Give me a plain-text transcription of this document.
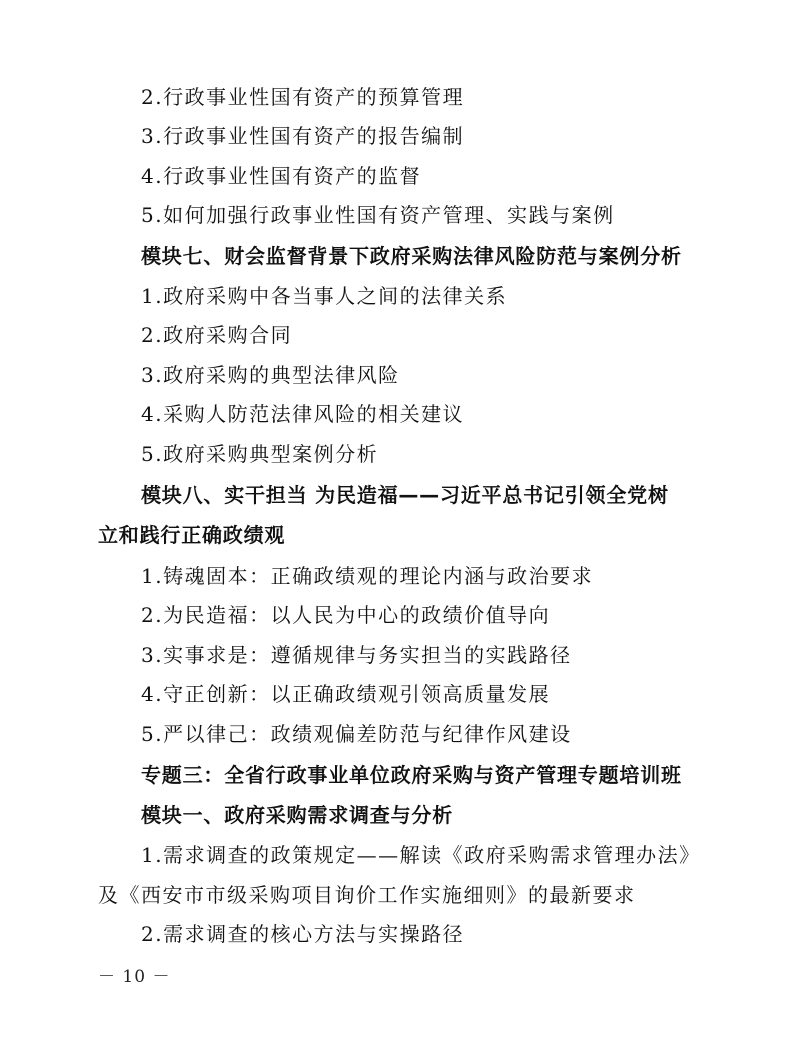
2.行政事业性国有资产的预算管理
3.行政事业性国有资产的报告编制
4.行政事业性国有资产的监督
5.如何加强行政事业性国有资产管理、实践与案例
模块七、财会监督背景下政府采购法律风险防范与案例分析
1.政府采购中各当事人之间的法律关系
2.政府采购合同
3.政府采购的典型法律风险
4.采购人防范法律风险的相关建议
5.政府采购典型案例分析
模块八、实干担当 为民造福——习近平总书记引领全党树
立和践行正确政绩观
1.铸魂固本：正确政绩观的理论内涵与政治要求
2.为民造福：以人民为中心的政绩价值导向
3.实事求是：遵循规律与务实担当的实践路径
4.守正创新：以正确政绩观引领高质量发展
5.严以律己：政绩观偏差防范与纪律作风建设
专题三：全省行政事业单位政府采购与资产管理专题培训班
模块一、政府采购需求调查与分析
1.需求调查的政策规定——解读《政府采购需求管理办法》
及《西安市市级采购项目询价工作实施细则》的最新要求
2.需求调查的核心方法与实操路径
－ 10 －
